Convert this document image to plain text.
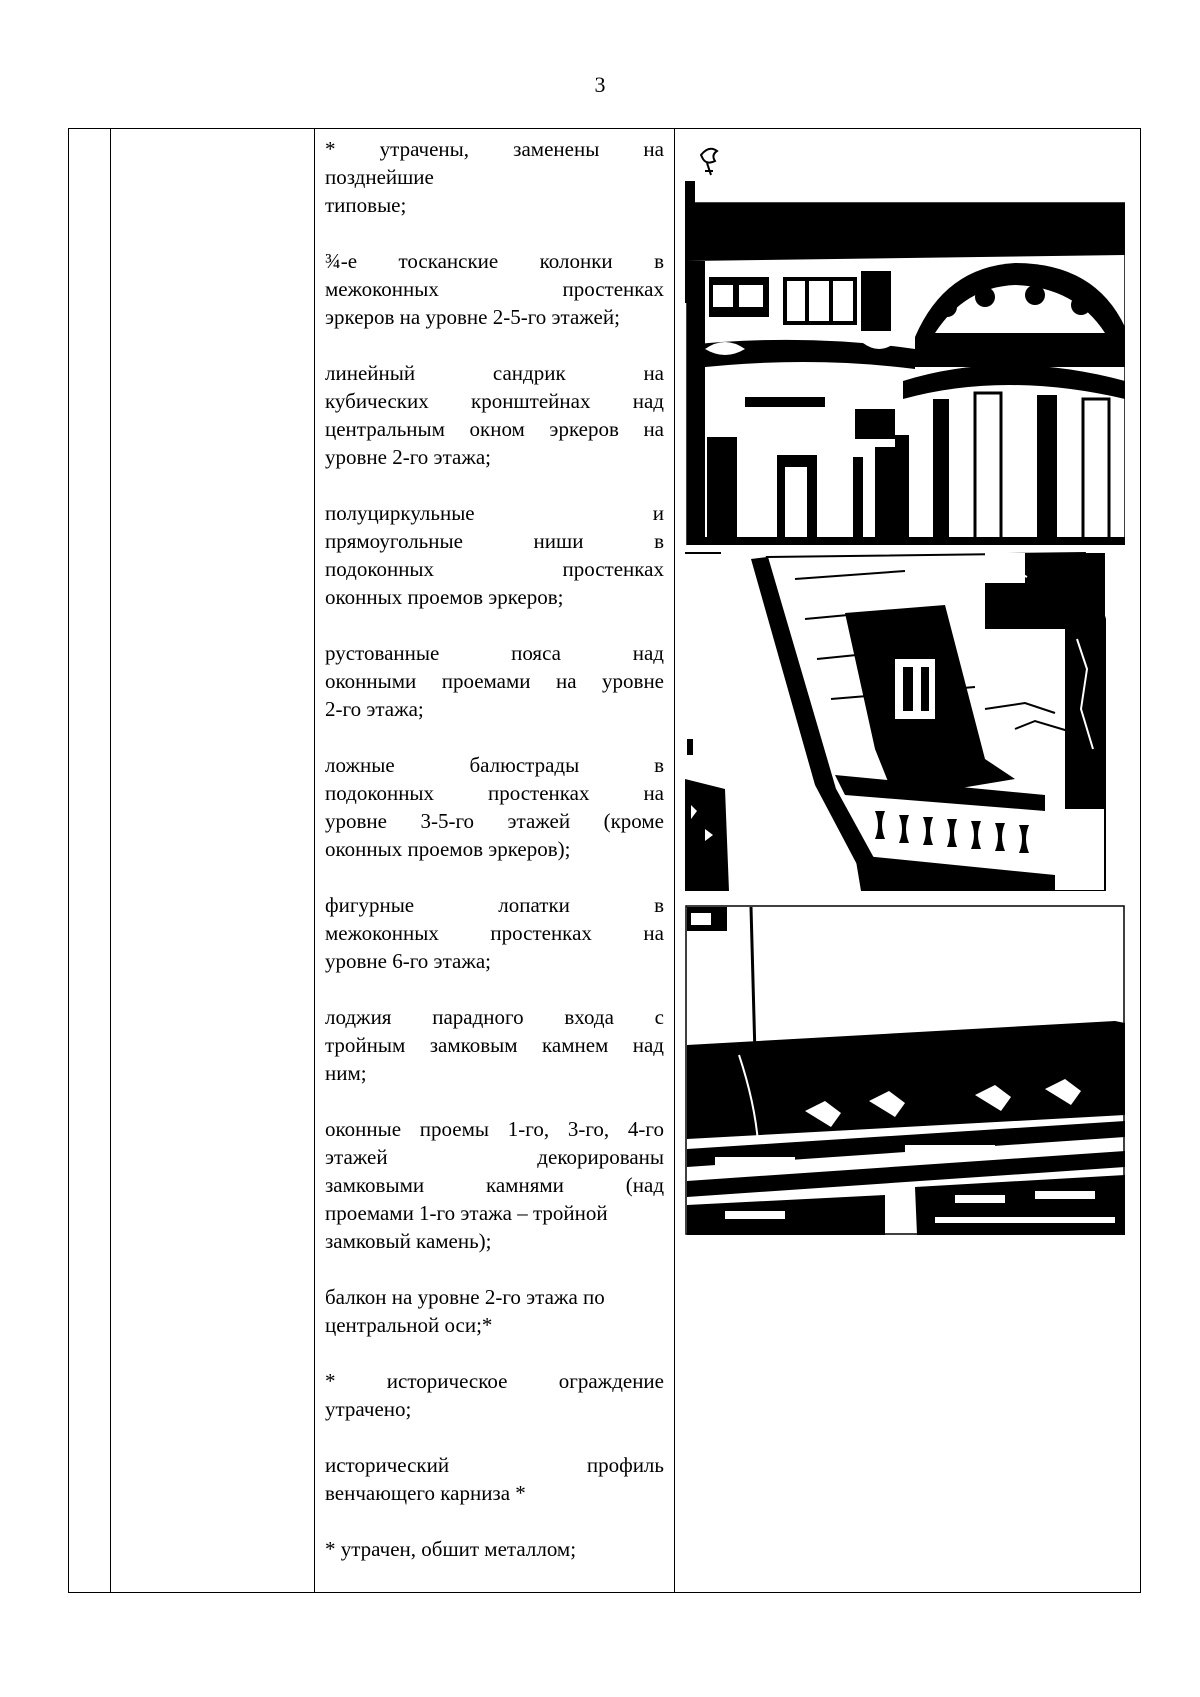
3

* утрачены, заменены на
позднейшие
типовые;
¾-е тосканские колонки в
межоконных простенках
эркеров на уровне 2-5-го этажей;
линейный сандрик на
кубических кронштейнах над
центральным окном эркеров на
уровне 2-го этажа;
полуциркульные и
прямоугольные ниши в
подоконных простенках
оконных проемов эркеров;
рустованные пояса над
оконными проемами на уровне
2-го этажа;
ложные балюстрады в
подоконных простенках на
уровне 3-5-го этажей (кроме
оконных проемов эркеров);
фигурные лопатки в
межоконных простенках на
уровне 6-го этажа;
лоджия парадного входа с
тройным замковым камнем над
ним;
оконные проемы 1-го, 3-го, 4-го
этажей декорированы
замковыми камнями (над
проемами 1-го этажа – тройной
замковый камень);
балкон на уровне 2-го этажа по
центральной оси;*
* историческое ограждение
утрачено;
исторический профиль
венчающего карниза *
* утрачен, обшит металлом;
